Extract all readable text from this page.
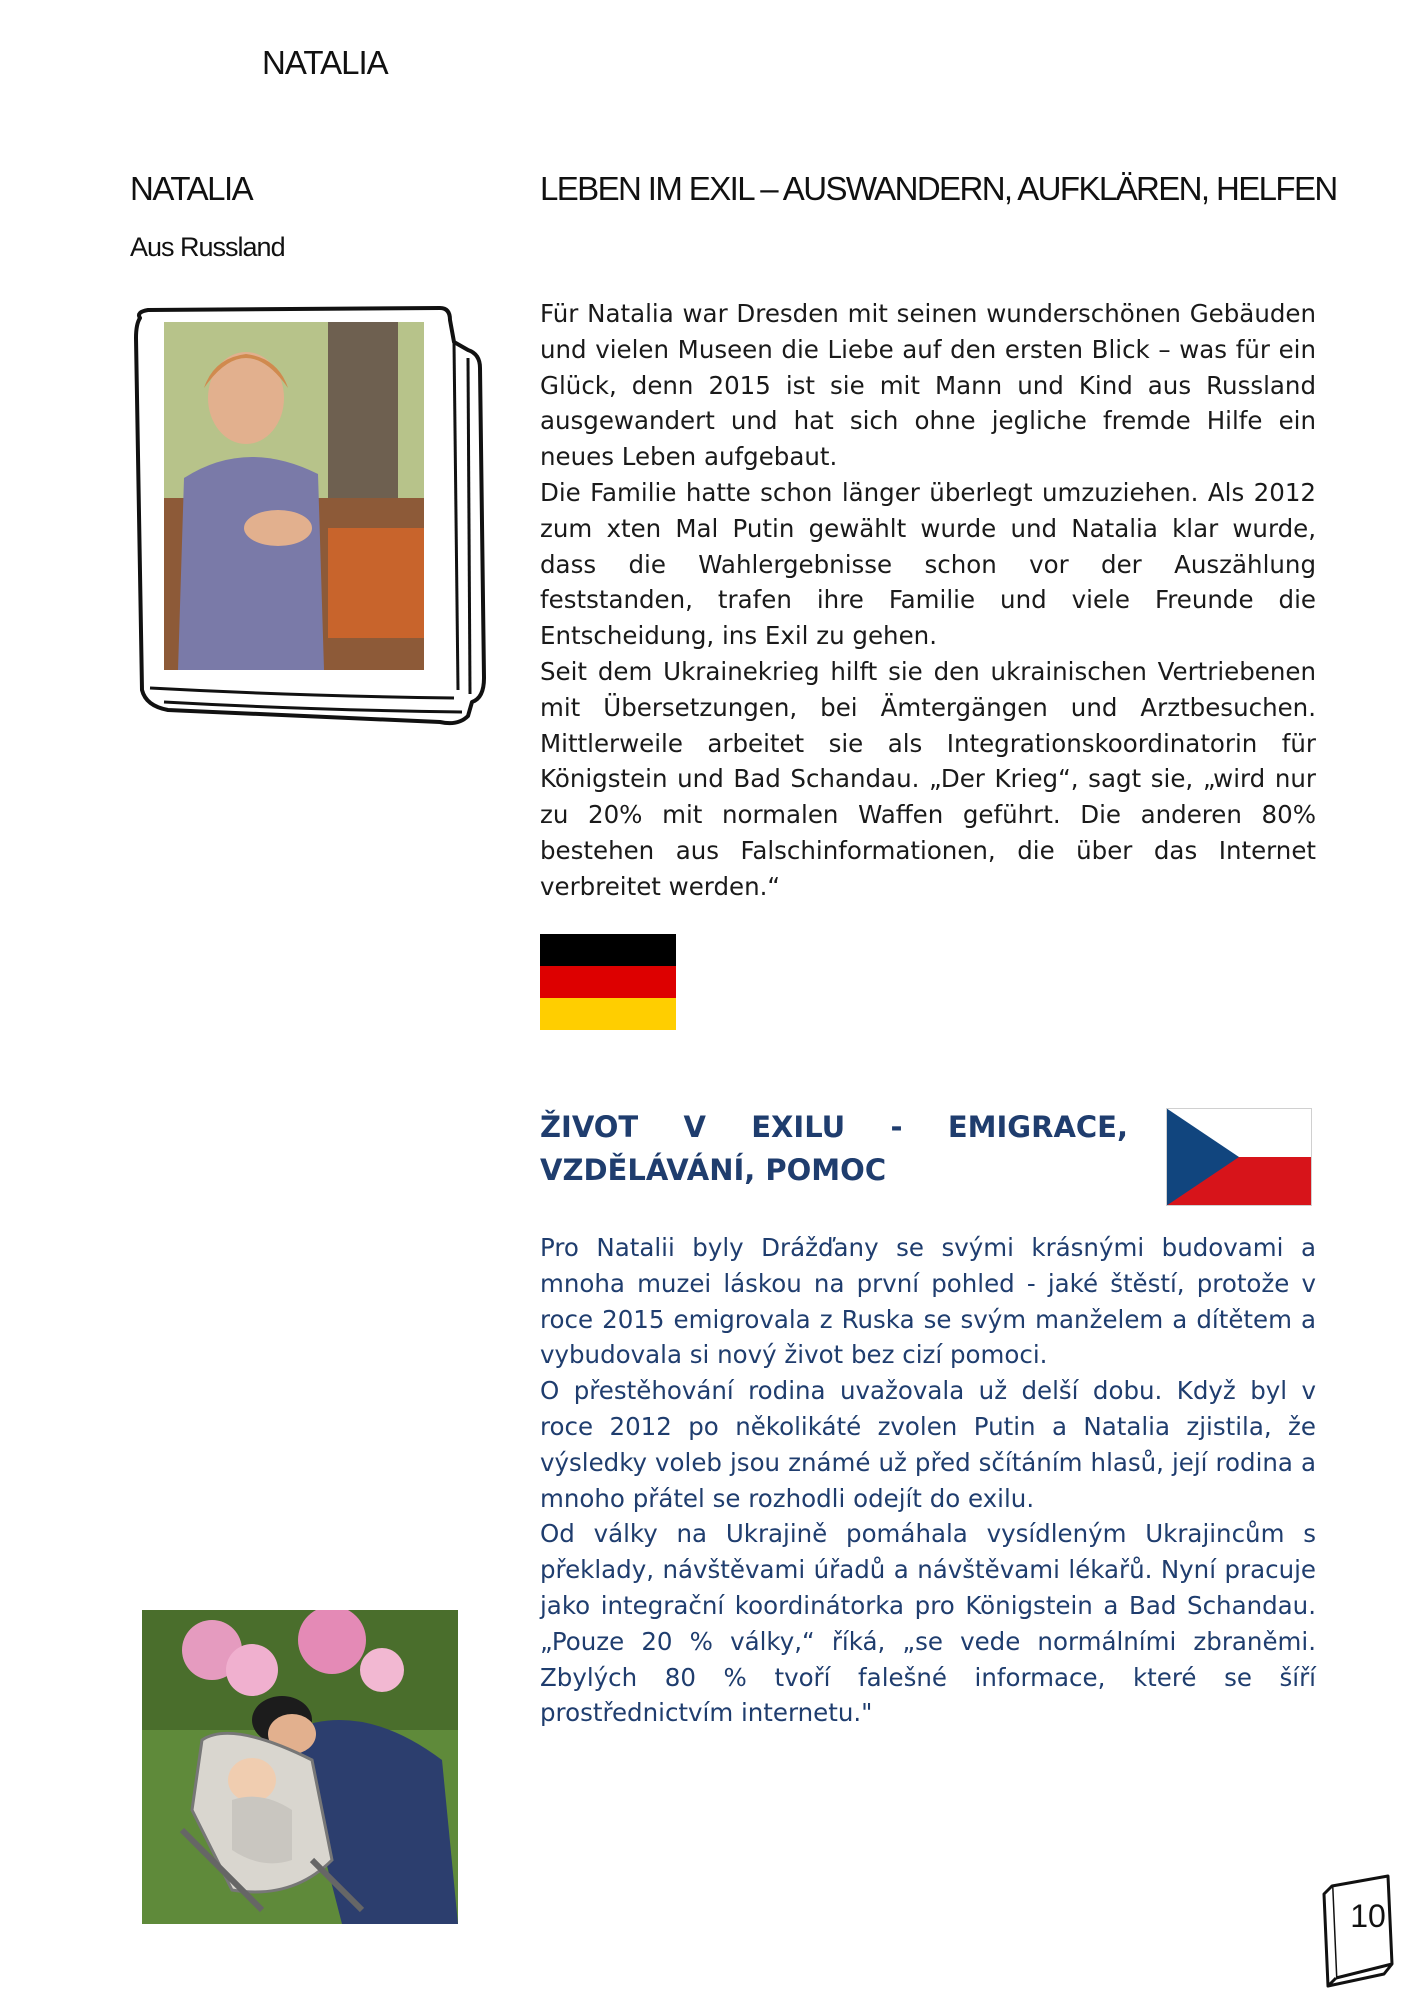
NATALIA
NATALIA
Aus Russland
LEBEN IM EXIL – AUSWANDERN, AUFKLÄREN, HELFEN

Für Natalia war Dresden mit seinen wunderschönen Gebäuden und vielen Museen die Liebe auf den ersten Blick – was für ein Glück, denn 2015 ist sie mit Mann und Kind aus Russland ausgewandert und hat sich ohne jegliche fremde Hilfe ein neues Leben aufgebaut.

Die Familie hatte schon länger überlegt umzuziehen. Als 2012 zum xten Mal Putin gewählt wurde und Natalia klar wurde, dass die Wahlergebnisse schon vor der Auszählung feststanden, trafen ihre Familie und viele Freunde die Entscheidung, ins Exil zu gehen.

Seit dem Ukrainekrieg hilft sie den ukrainischen Vertriebenen mit Übersetzungen, bei Ämtergängen und Arztbesuchen. Mittlerweile arbeitet sie als Integrationskoordinatorin für Königstein und Bad Schandau. „Der Krieg“, sagt sie, „wird nur zu 20% mit normalen Waffen geführt. Die anderen 80% bestehen aus Falschinformationen, die über das Internet verbreitet werden.“

ŽIVOT V EXILU - EMIGRACE,
VZDĚLÁVÁNÍ, POMOC

Pro Natalii byly Drážďany se svými krásnými budovami a mnoha muzei láskou na první pohled - jaké štěstí, protože v roce 2015 emigrovala z Ruska se svým manželem a dítětem a vybudovala si nový život bez cizí pomoci.

O přestěhování rodina uvažovala už delší dobu. Když byl v roce 2012 po několikáté zvolen Putin a Natalia zjistila, že výsledky voleb jsou známé už před sčítáním hlasů, její rodina a mnoho přátel se rozhodli odejít do exilu.

Od války na Ukrajině pomáhala vysídleným Ukrajincům s překlady, návštěvami úřadů a návštěvami lékařů. Nyní pracuje jako integrační koordinátorka pro Königstein a Bad Schandau. „Pouze 20 % války,“ říká, „se vede normálními zbraněmi. Zbylých 80 % tvoří falešné informace, které se šíří prostřednictvím internetu."

10
